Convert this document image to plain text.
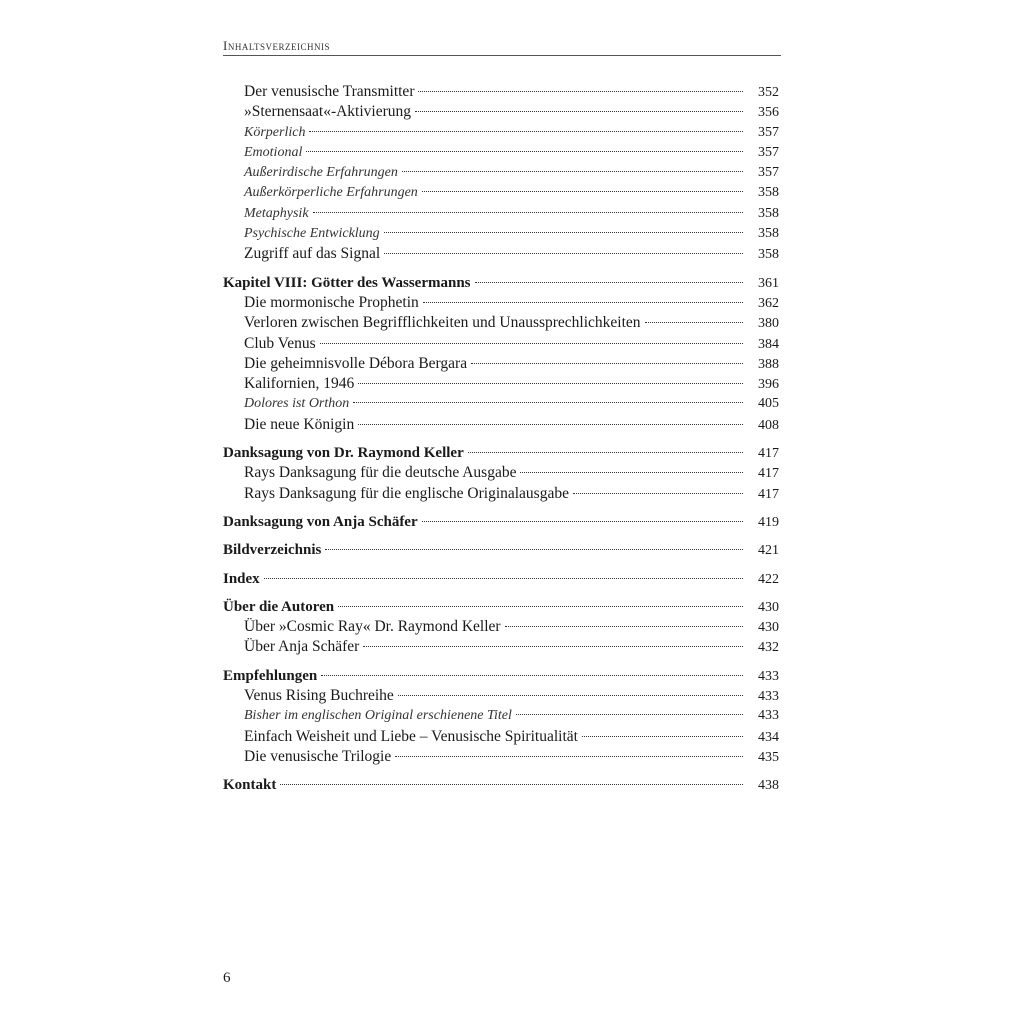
Inhaltsverzeichnis
Der venusische Transmitter	352
»Sternensaat«-Aktivierung	356
Körperlich	357
Emotional	357
Außerirdische Erfahrungen	357
Außerkörperliche Erfahrungen	358
Metaphysik	358
Psychische Entwicklung	358
Zugriff auf das Signal	358
Kapitel VIII: Götter des Wassermanns	361
Die mormonische Prophetin	362
Verloren zwischen Begrifflichkeiten und Unaussprechlichkeiten	380
Club Venus	384
Die geheimnisvolle Débora Bergara	388
Kalifornien, 1946	396
Dolores ist Orthon	405
Die neue Königin	408
Danksagung von Dr. Raymond Keller	417
Rays Danksagung für die deutsche Ausgabe	417
Rays Danksagung für die englische Originalausgabe	417
Danksagung von Anja Schäfer	419
Bildverzeichnis	421
Index	422
Über die Autoren	430
Über »Cosmic Ray« Dr. Raymond Keller	430
Über Anja Schäfer	432
Empfehlungen	433
Venus Rising Buchreihe	433
Bisher im englischen Original erschienene Titel	433
Einfach Weisheit und Liebe – Venusische Spiritualität	434
Die venusische Trilogie	435
Kontakt	438
6
